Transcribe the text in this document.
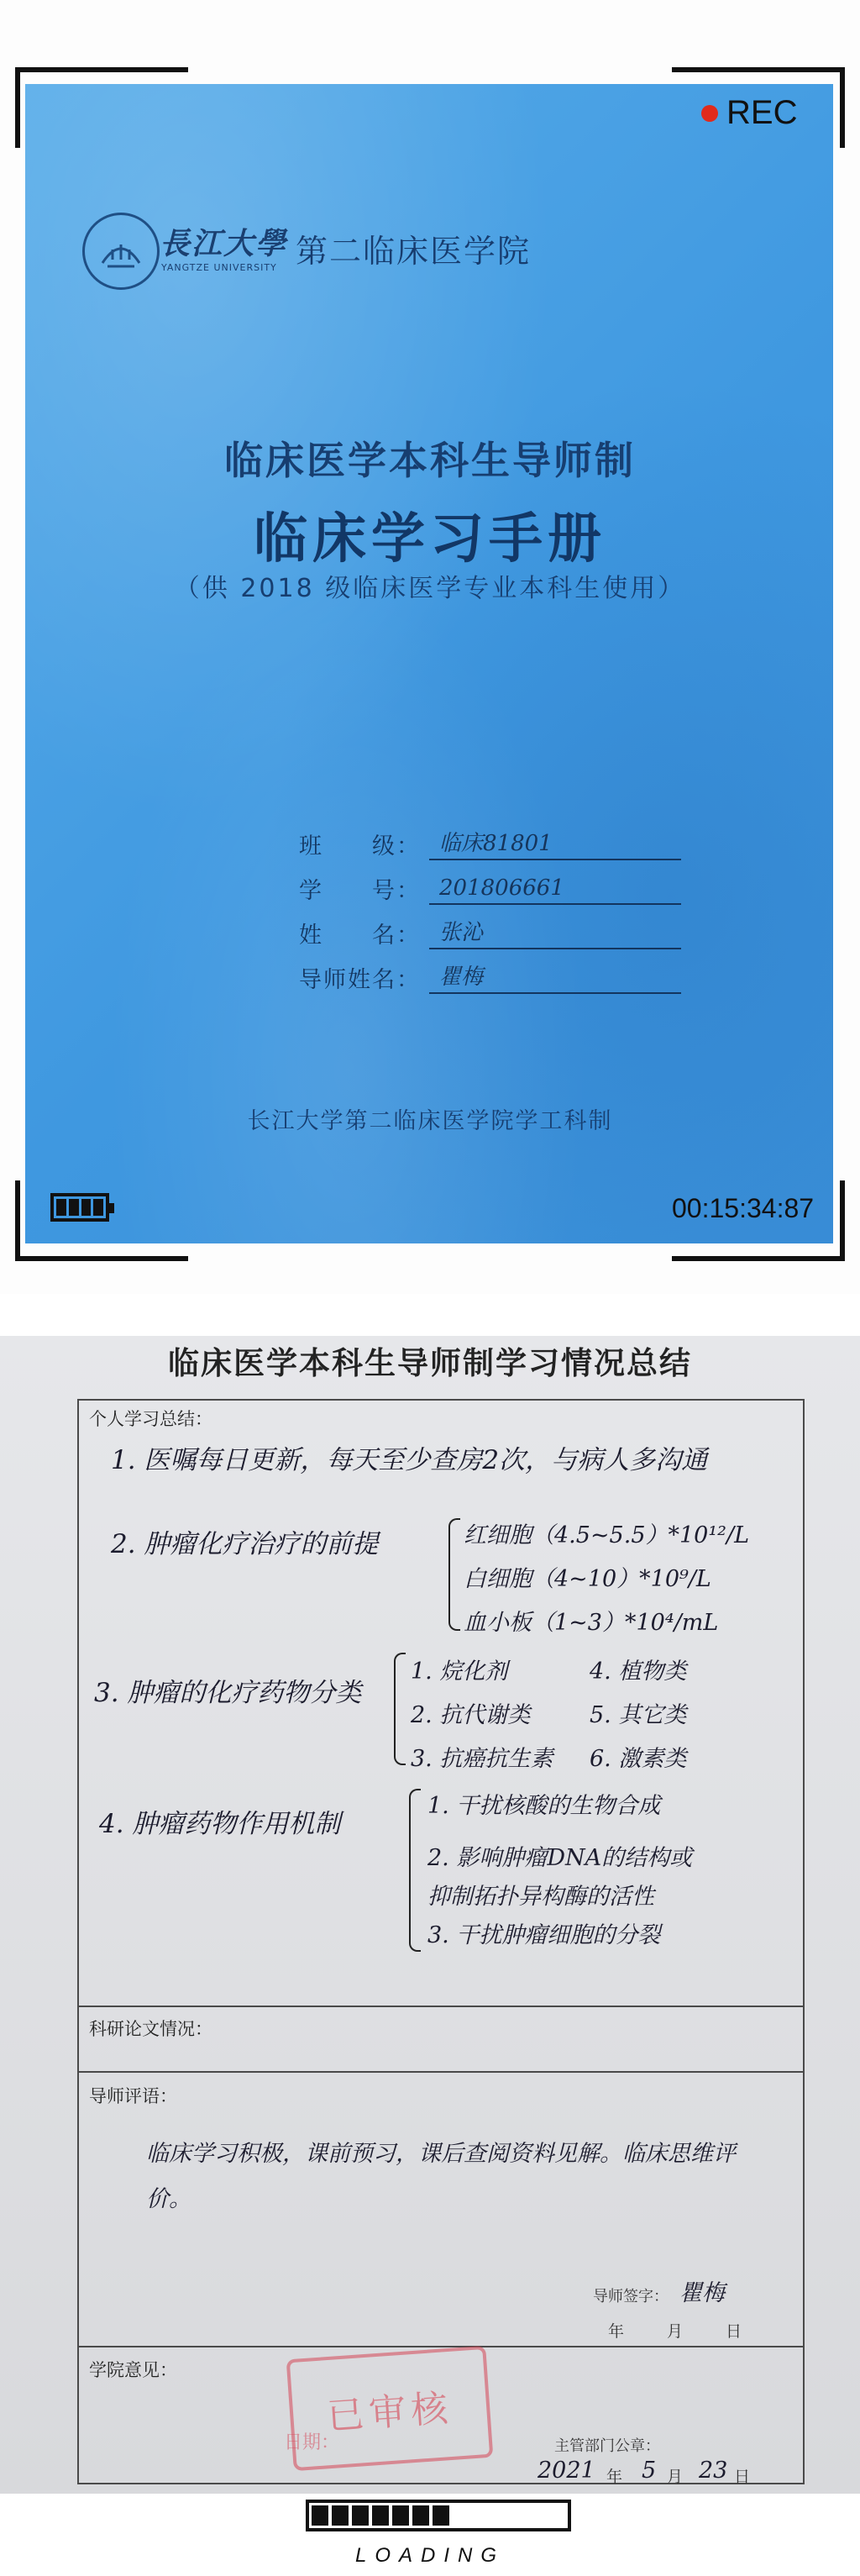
REC
長江大學
YANGTZE UNIVERSITY 第二临床医学院
临床医学本科生导师制
临床学习手册
（供 2018 级临床医学专业本科生使用）
班　　级： 临床81801
学　　号： 201806661
姓　　名： 张沁
导师姓名： 瞿梅
长江大学第二临床医学院学工科制
00:15:34:87
临床医学本科生导师制学习情况总结
个人学习总结：
1. 医嘱每日更新，每天至少查房2次，与病人多沟通
2. 肿瘤化疗治疗的前提	红细胞（4.5~5.5）*10¹²/L
白细胞（4~10）*10⁹/L
血小板（1~3）*10⁴/mL
3. 肿瘤的化疗药物分类
1. 烷化剂	4. 植物类
2. 抗代谢类	5. 其它类
3. 抗癌抗生素 6. 激素类
4. 肿瘤药物作用机制
1. 干扰核酸的生物合成
2. 影响肿瘤DNA的结构或
抑制拓扑异构酶的活性
3. 干扰肿瘤细胞的分裂
科研论文情况：
导师评语：
临床学习积极，课前预习，课后查阅资料见解。临床思维评价。
导师签字： 瞿梅
年	月	日
学院意见：
主管部门公章：
2021 年 5 月 23 日
已审核
日期：
LOADING
